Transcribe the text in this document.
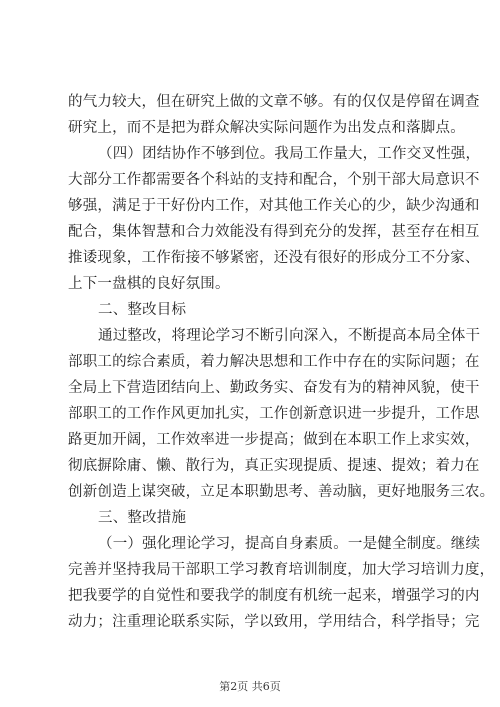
的气力较大，但在研究上做的文章不够。有的仅仅是停留在调查
研究上，而不是把为群众解决实际问题作为出发点和落脚点。
（四）团结协作不够到位。我局工作量大，工作交叉性强，
大部分工作都需要各个科站的支持和配合，个别干部大局意识不
够强，满足于干好份内工作，对其他工作关心的少，缺少沟通和
配合，集体智慧和合力效能没有得到充分的发挥，甚至存在相互
推诿现象，工作衔接不够紧密，还没有很好的形成分工不分家、
上下一盘棋的良好氛围。
二、整改目标
通过整改，将理论学习不断引向深入，不断提高本局全体干
部职工的综合素质，着力解决思想和工作中存在的实际问题；在
全局上下营造团结向上、勤政务实、奋发有为的精神风貌，使干
部职工的工作作风更加扎实，工作创新意识进一步提升，工作思
路更加开阔，工作效率进一步提高；做到在本职工作上求实效，
彻底摒除庸、懒、散行为，真正实现提质、提速、提效；着力在
创新创造上谋突破，立足本职勤思考、善动脑，更好地服务三农。
三、整改措施
（一）强化理论学习，提高自身素质。一是健全制度。继续
完善并坚持我局干部职工学习教育培训制度，加大学习培训力度，
把我要学的自觉性和要我学的制度有机统一起来，增强学习的内
动力；注重理论联系实际，学以致用，学用结合，科学指导；完
第2页 共6页
